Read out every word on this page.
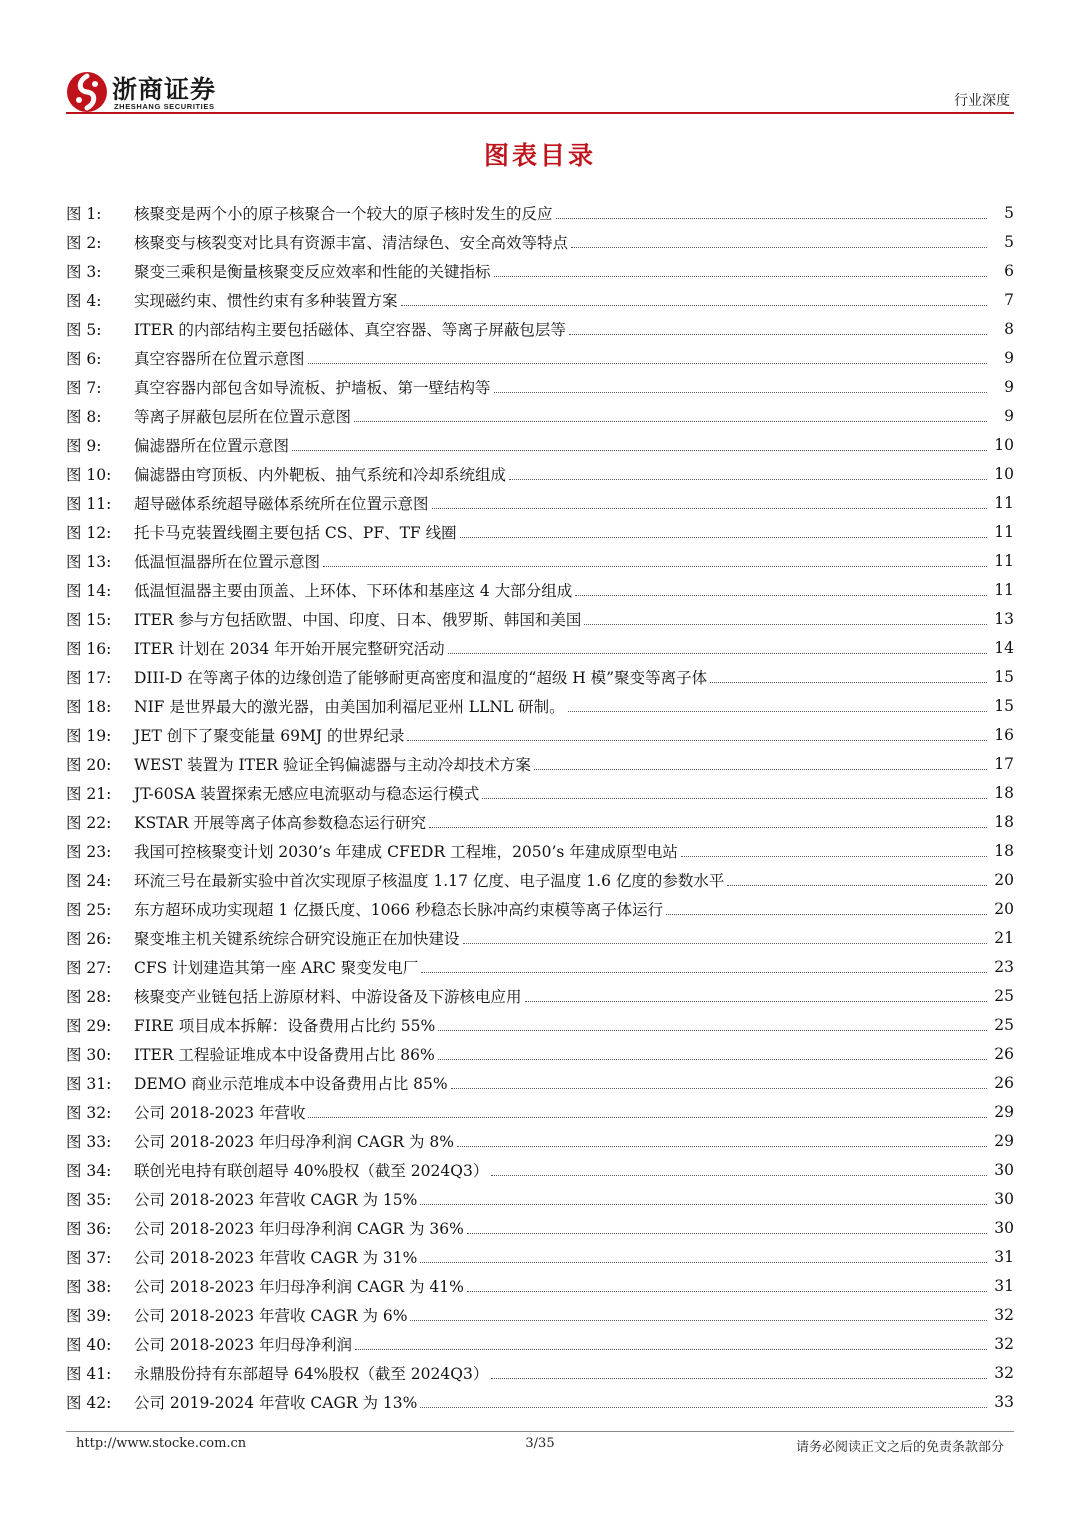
浙商证券
ZHESHANG SECURITIES	行业深度
图表目录
图 1:	核聚变是两个小的原子核聚合一个较大的原子核时发生的反应	5
图 2:	核聚变与核裂变对比具有资源丰富、清洁绿色、安全高效等特点	5
图 3:	聚变三乘积是衡量核聚变反应效率和性能的关键指标	6
图 4:	实现磁约束、惯性约束有多种装置方案	7
图 5:	ITER 的内部结构主要包括磁体、真空容器、等离子屏蔽包层等	8
图 6:	真空容器所在位置示意图	9
图 7:	真空容器内部包含如导流板、护墙板、第一壁结构等	9
图 8:	等离子屏蔽包层所在位置示意图	9
图 9:	偏滤器所在位置示意图	10
图 10:	偏滤器由穹顶板、内外靶板、抽气系统和冷却系统组成	10
图 11:	超导磁体系统超导磁体系统所在位置示意图	11
图 12:	托卡马克装置线圈主要包括 CS、PF、TF 线圈	11
图 13:	低温恒温器所在位置示意图	11
图 14:	低温恒温器主要由顶盖、上环体、下环体和基座这 4 大部分组成	11
图 15:	ITER 参与方包括欧盟、中国、印度、日本、俄罗斯、韩国和美国	13
图 16:	ITER 计划在 2034 年开始开展完整研究活动	14
图 17:	DIII-D 在等离子体的边缘创造了能够耐更高密度和温度的“超级 H 模”聚变等离子体	15
图 18:	NIF 是世界最大的激光器，由美国加利福尼亚州 LLNL 研制。	15
图 19:	JET 创下了聚变能量 69MJ 的世界纪录	16
图 20:	WEST 装置为 ITER 验证全钨偏滤器与主动冷却技术方案	17
图 21:	JT-60SA 装置探索无感应电流驱动与稳态运行模式	18
图 22:	KSTAR 开展等离子体高参数稳态运行研究	18
图 23:	我国可控核聚变计划 2030’s 年建成 CFEDR 工程堆，2050’s 年建成原型电站	18
图 24:	环流三号在最新实验中首次实现原子核温度 1.17 亿度、电子温度 1.6 亿度的参数水平	20
图 25:	东方超环成功实现超 1 亿摄氏度、1066 秒稳态长脉冲高约束模等离子体运行	20
图 26:	聚变堆主机关键系统综合研究设施正在加快建设	21
图 27:	CFS 计划建造其第一座 ARC 聚变发电厂	23
图 28:	核聚变产业链包括上游原材料、中游设备及下游核电应用	25
图 29:	FIRE 项目成本拆解：设备费用占比约 55%	25
图 30:	ITER 工程验证堆成本中设备费用占比 86%	26
图 31:	DEMO 商业示范堆成本中设备费用占比 85%	26
图 32:	公司 2018-2023 年营收	29
图 33:	公司 2018-2023 年归母净利润 CAGR 为 8%	29
图 34:	联创光电持有联创超导 40%股权（截至 2024Q3）	30
图 35:	公司 2018-2023 年营收 CAGR 为 15%	30
图 36:	公司 2018-2023 年归母净利润 CAGR 为 36%	30
图 37:	公司 2018-2023 年营收 CAGR 为 31%	31
图 38:	公司 2018-2023 年归母净利润 CAGR 为 41%	31
图 39:	公司 2018-2023 年营收 CAGR 为 6%	32
图 40:	公司 2018-2023 年归母净利润	32
图 41:	永鼎股份持有东部超导 64%股权（截至 2024Q3）	32
图 42:	公司 2019-2024 年营收 CAGR 为 13%	33
http://www.stocke.com.cn	3/35	请务必阅读正文之后的免责条款部分
